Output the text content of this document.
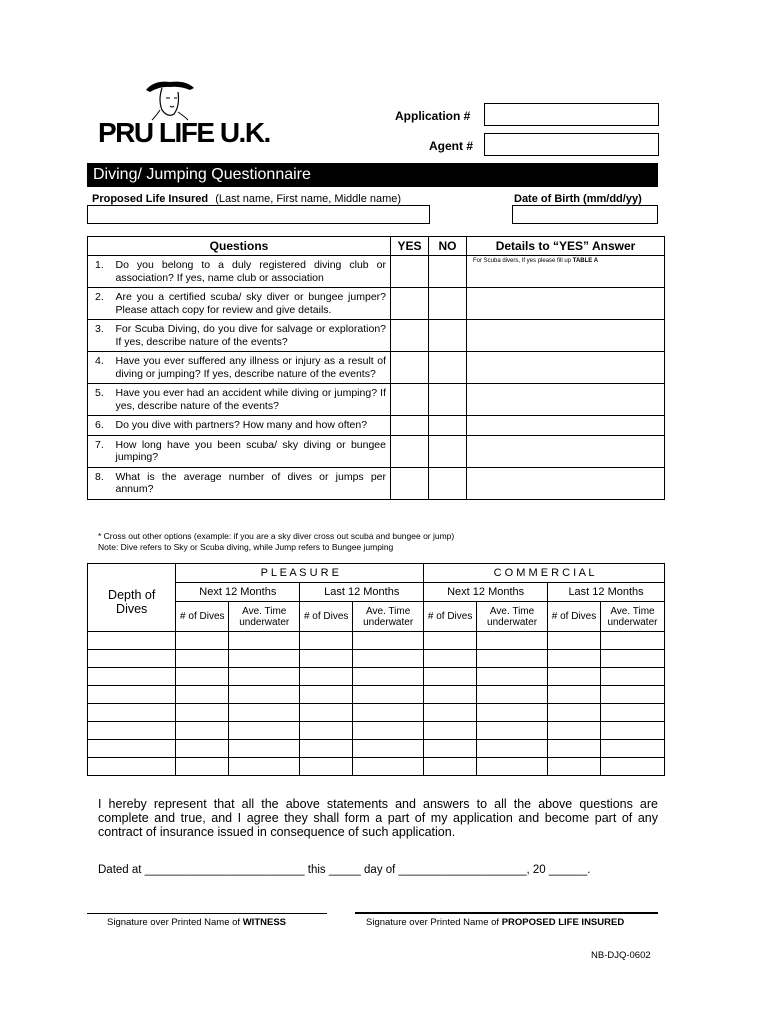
PRU LIFE U.K.
Application #
Agent #
Diving/ Jumping Questionnaire
Proposed Life Insured (Last name, First name, Middle name)	Date of Birth (mm/dd/yy)
Questions		YES	NO	Details to “YES” Answer
1.	Do you belong to a duly registered diving club or association? If yes, name club or association			For Scuba divers, If yes please fill up TABLE A
2.	Are you a certified scuba/ sky diver or bungee jumper? Please attach copy for review and give details.			
3.	For Scuba Diving, do you dive for salvage or exploration? If yes, describe nature of the events?			
4.	Have you ever suffered any illness or injury as a result of diving or jumping? If yes, describe nature of the events?			
5.	Have you ever had an accident while diving or jumping? If yes, describe nature of the events?			
6.	Do you dive with partners? How many and how often?			
7.	How long have you been scuba/ sky diving or bungee jumping?			
8.	What is the average number of dives or jumps per annum?			
* Cross out other options (example: if you are a sky diver cross out scuba and bungee or jump)
Note: Dive refers to Sky or Scuba diving, while Jump refers to Bungee jumping
Depth of
Dives	P L E A S U R E				C O M M E R C I A L			
	Next 12 Months		Last 12 Months		Next 12 Months		Last 12 Months	
	# of Dives	Ave. Time underwater	# of Dives	Ave. Time underwater	# of Dives	Ave. Time underwater	# of Dives	Ave. Time underwater

I hereby represent that all the above statements and answers to all the above questions are complete and true, and I agree they shall form a part of my application and become part of any contract of insurance issued in consequence of such application.
Dated at _________________________ this _____ day of ____________________, 20 ______.
Signature over Printed Name of WITNESS	Signature over Printed Name of PROPOSED LIFE INSURED
NB-DJQ-0602
